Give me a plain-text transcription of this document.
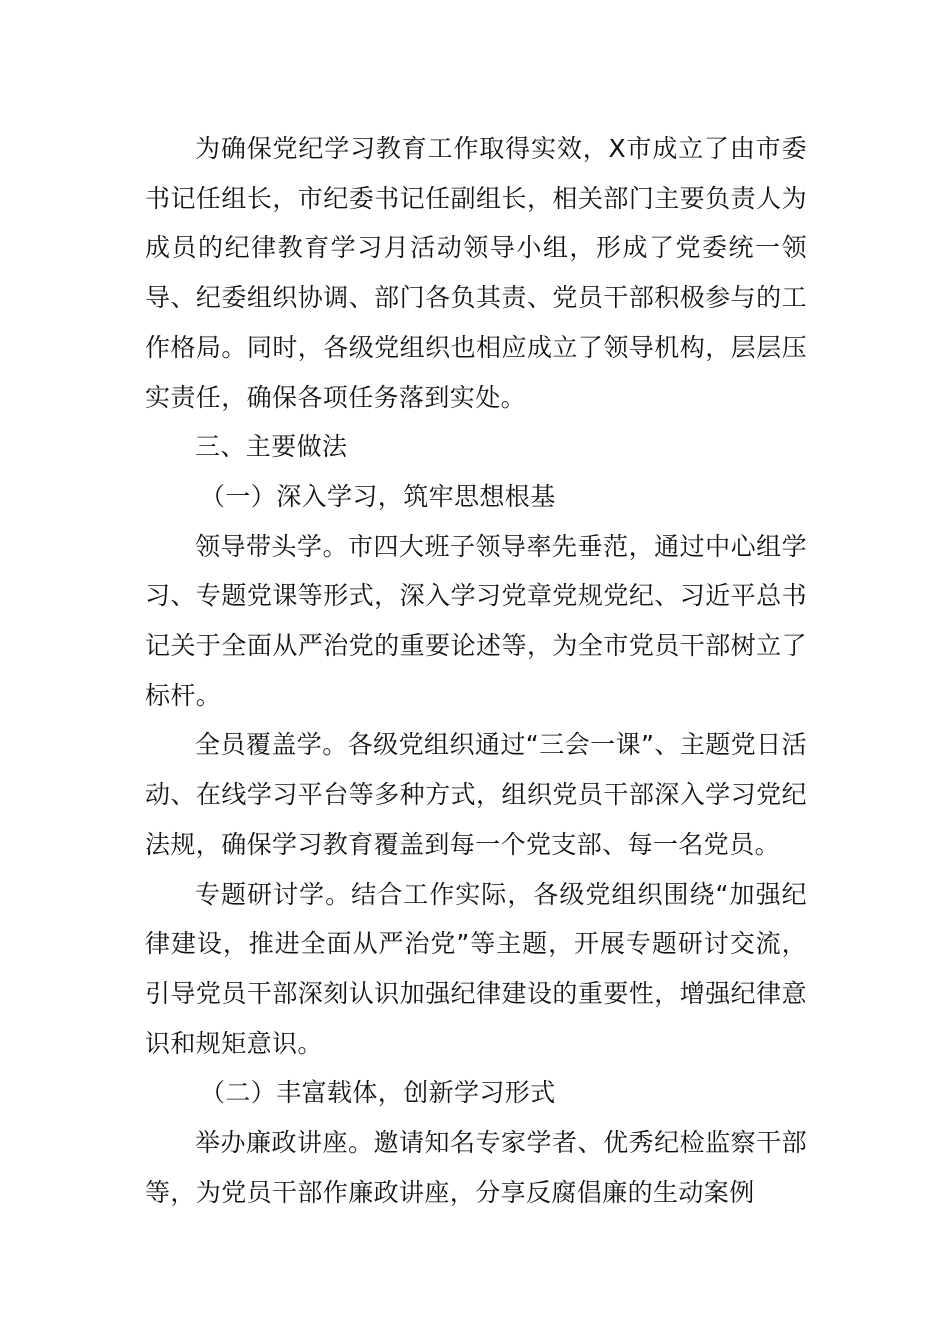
为确保党纪学习教育工作取得实效，X市成立了由市委书记任组长，市纪委书记任副组长，相关部门主要负责人为成员的纪律教育学习月活动领导小组，形成了党委统一领导、纪委组织协调、部门各负其责、党员干部积极参与的工作格局。同时，各级党组织也相应成立了领导机构，层层压实责任，确保各项任务落到实处。

三、主要做法

（一）深入学习，筑牢思想根基

领导带头学。市四大班子领导率先垂范，通过中心组学习、专题党课等形式，深入学习党章党规党纪、习近平总书记关于全面从严治党的重要论述等，为全市党员干部树立了标杆。

全员覆盖学。各级党组织通过“三会一课”、主题党日活动、在线学习平台等多种方式，组织党员干部深入学习党纪法规，确保学习教育覆盖到每一个党支部、每一名党员。

专题研讨学。结合工作实际，各级党组织围绕“加强纪律建设，推进全面从严治党”等主题，开展专题研讨交流，引导党员干部深刻认识加强纪律建设的重要性，增强纪律意识和规矩意识。

（二）丰富载体，创新学习形式

举办廉政讲座。邀请知名专家学者、优秀纪检监察干部等，为党员干部作廉政讲座，分享反腐倡廉的生动案例
